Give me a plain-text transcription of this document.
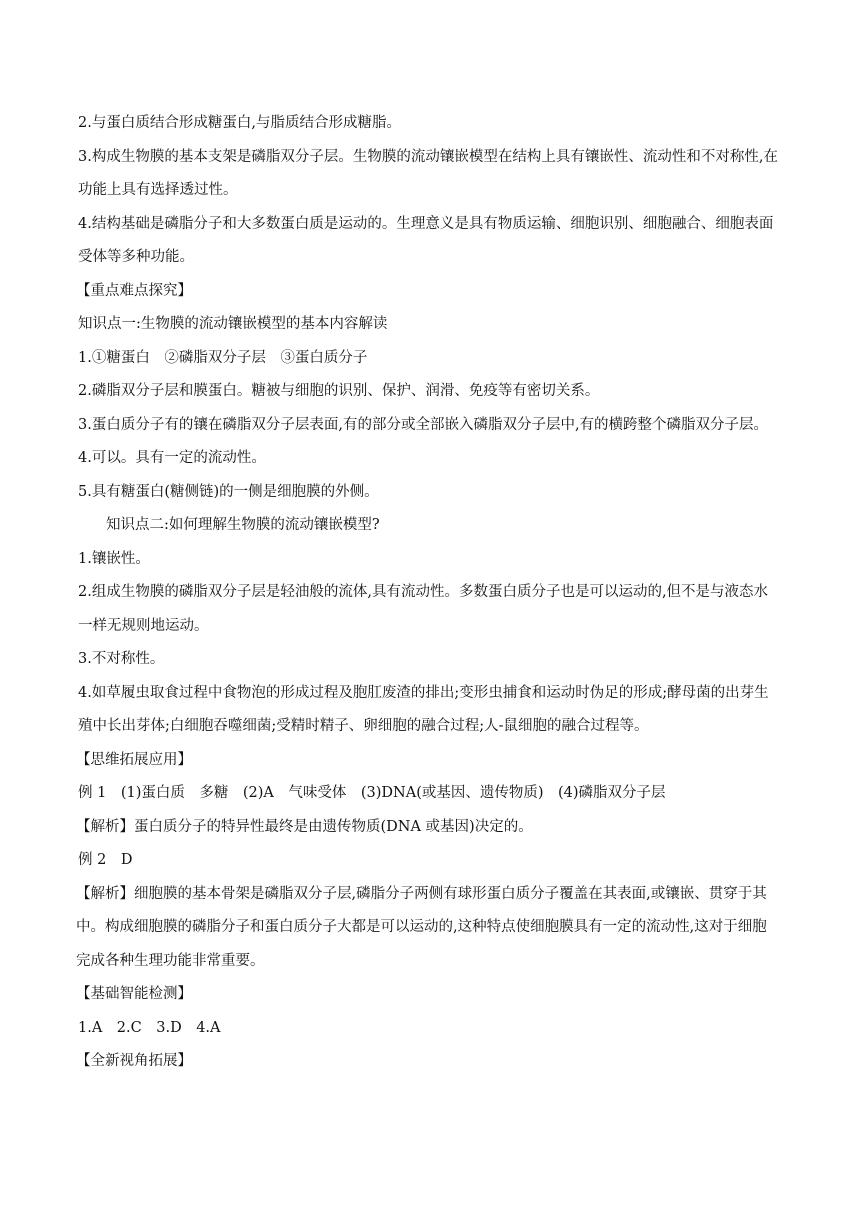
2.与蛋白质结合形成糖蛋白,与脂质结合形成糖脂。

3.构成生物膜的基本支架是磷脂双分子层。生物膜的流动镶嵌模型在结构上具有镶嵌性、流动性和不对称性,在功能上具有选择透过性。

4.结构基础是磷脂分子和大多数蛋白质是运动的。生理意义是具有物质运输、细胞识别、细胞融合、细胞表面受体等多种功能。

【重点难点探究】

知识点一:生物膜的流动镶嵌模型的基本内容解读

1.①糖蛋白　②磷脂双分子层　③蛋白质分子

2.磷脂双分子层和膜蛋白。糖被与细胞的识别、保护、润滑、免疫等有密切关系。

3.蛋白质分子有的镶在磷脂双分子层表面,有的部分或全部嵌入磷脂双分子层中,有的横跨整个磷脂双分子层。

4.可以。具有一定的流动性。

5.具有糖蛋白(糖侧链)的一侧是细胞膜的外侧。

知识点二:如何理解生物膜的流动镶嵌模型?

1.镶嵌性。

2.组成生物膜的磷脂双分子层是轻油般的流体,具有流动性。多数蛋白质分子也是可以运动的,但不是与液态水一样无规则地运动。

3.不对称性。

4.如草履虫取食过程中食物泡的形成过程及胞肛废渣的排出;变形虫捕食和运动时伪足的形成;酵母菌的出芽生殖中长出芽体;白细胞吞噬细菌;受精时精子、卵细胞的融合过程;人-鼠细胞的融合过程等。

【思维拓展应用】

例 1　(1)蛋白质　多糖　(2)A　气味受体　(3)DNA(或基因、遗传物质)　(4)磷脂双分子层

【解析】蛋白质分子的特异性最终是由遗传物质(DNA 或基因)决定的。

例 2　D

【解析】细胞膜的基本骨架是磷脂双分子层,磷脂分子两侧有球形蛋白质分子覆盖在其表面,或镶嵌、贯穿于其中。构成细胞膜的磷脂分子和蛋白质分子大都是可以运动的,这种特点使细胞膜具有一定的流动性,这对于细胞完成各种生理功能非常重要。

【基础智能检测】

1.A　2.C　3.D　4.A

【全新视角拓展】
